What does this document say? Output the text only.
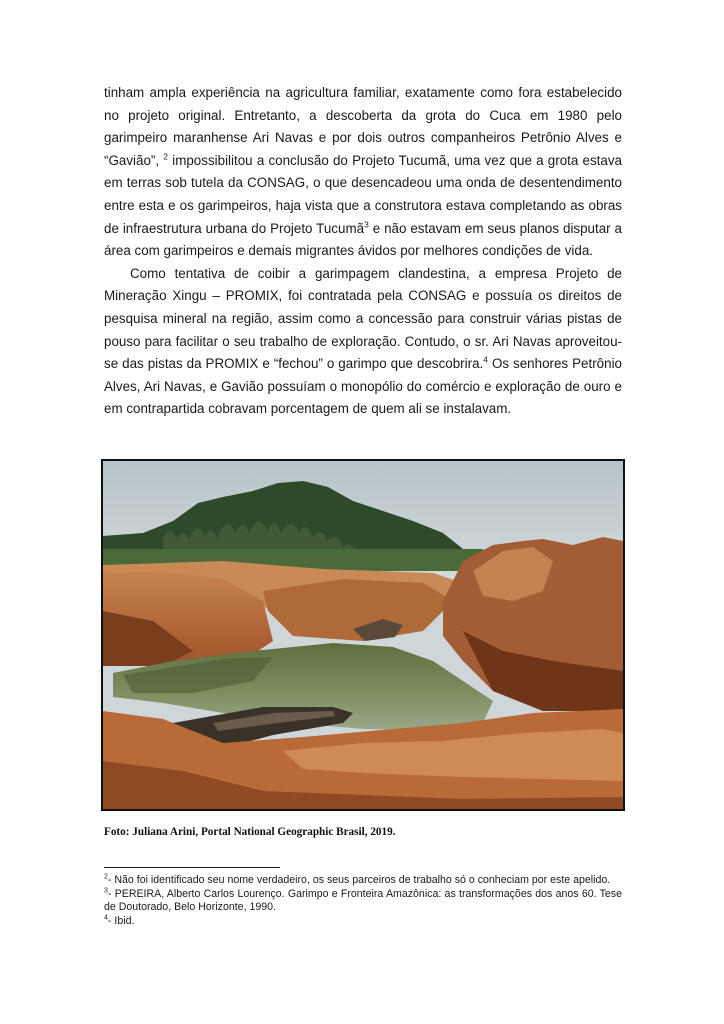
tinham ampla experiência na agricultura familiar, exatamente como fora estabelecido no projeto original. Entretanto, a descoberta da grota do Cuca em 1980 pelo garimpeiro maranhense Ari Navas e por dois outros companheiros Petrônio Alves e “Gavião”, $^2$ impossibilitou a conclusão do Projeto Tucumã, uma vez que a grota estava em terras sob tutela da CONSAG, o que desencadeou uma onda de desentendimento entre esta e os garimpeiros, haja vista que a construtora estava completando as obras de infraestrutura urbana do Projeto Tucumã$^3$ e não estavam em seus planos disputar a área com garimpeiros e demais migrantes ávidos por melhores condições de vida.

Como tentativa de coibir a garimpagem clandestina, a empresa Projeto de Mineração Xingu – PROMIX, foi contratada pela CONSAG e possuía os direitos de pesquisa mineral na região, assim como a concessão para construir várias pistas de pouso para facilitar o seu trabalho de exploração. Contudo, o sr. Ari Navas aproveitou-se das pistas da PROMIX e “fechou” o garimpo que descobrira.$^4$ Os senhores Petrônio Alves, Ari Navas, e Gavião possuíam o monopólio do comércio e exploração de ouro e em contrapartida cobravam porcentagem de quem ali se instalavam.

Foto: Juliana Arini, Portal National Geographic Brasil, 2019.

$^2$- Não foi identificado seu nome verdadeiro, os seus parceiros de trabalho só o conheciam por este apelido.

$^3$- PEREIRA, Alberto Carlos Lourenço. Garimpo e Fronteira Amazônica: as transformações dos anos 60. Tese de Doutorado, Belo Horizonte, 1990.

$^4$- Ibid.
